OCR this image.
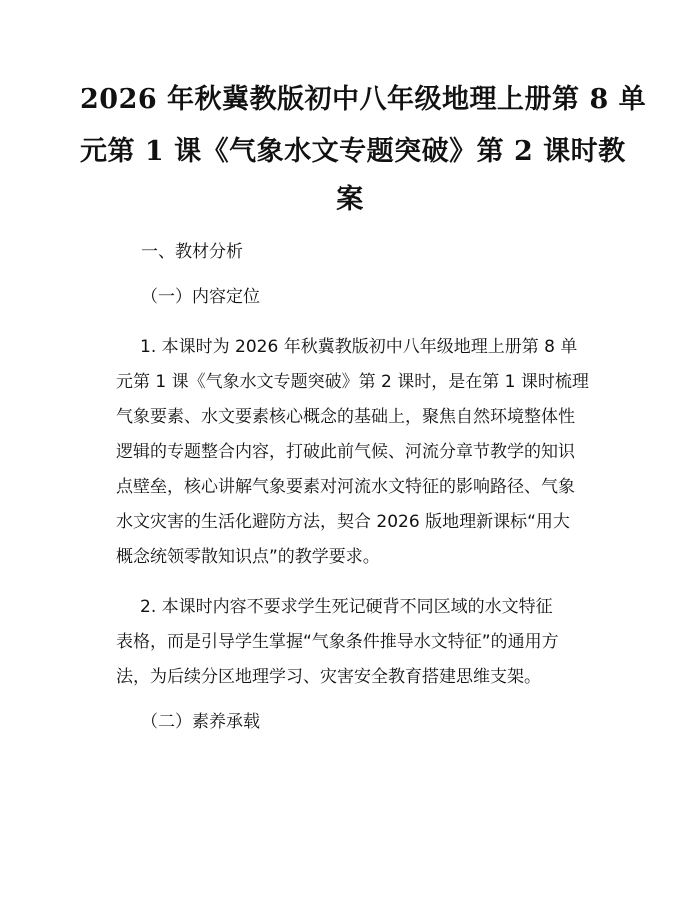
2026 年秋冀教版初中八年级地理上册第 8 单
元第 1 课《气象水文专题突破》第 2 课时教
案
一、教材分析
（一）内容定位
1. 本课时为 2026 年秋冀教版初中八年级地理上册第 8 单
元第 1 课《气象水文专题突破》第 2 课时，是在第 1 课时梳理
气象要素、水文要素核心概念的基础上，聚焦自然环境整体性
逻辑的专题整合内容，打破此前气候、河流分章节教学的知识
点壁垒，核心讲解气象要素对河流水文特征的影响路径、气象
水文灾害的生活化避防方法，契合 2026 版地理新课标“用大
概念统领零散知识点”的教学要求。
2. 本课时内容不要求学生死记硬背不同区域的水文特征
表格，而是引导学生掌握“气象条件推导水文特征”的通用方
法，为后续分区地理学习、灾害安全教育搭建思维支架。
（二）素养承载
